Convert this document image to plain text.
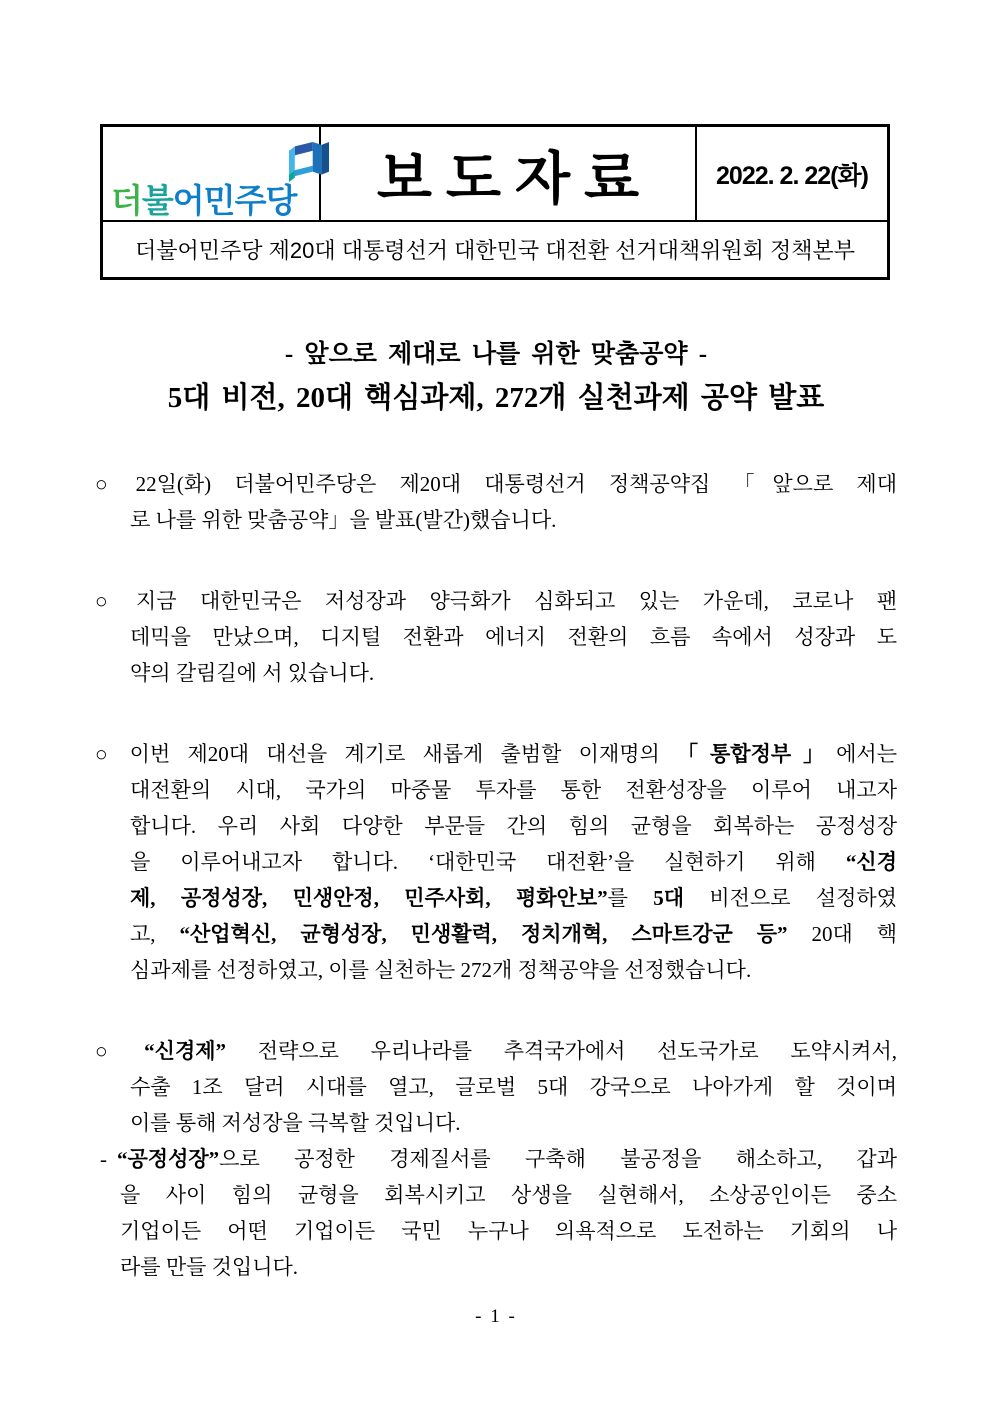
더불어민주당 보도자료	2022. 2. 22(화)
더불어민주당 제20대 대통령선거 대한민국 대전환 선거대책위원회 정책본부
- 앞으로 제대로 나를 위한 맞춤공약 -
5대 비전, 20대 핵심과제, 272개 실천과제 공약 발표
○ 22일(화) 더불어민주당은 제20대 대통령선거 정책공약집 「앞으로 제대
로 나를 위한 맞춤공약」을 발표(발간)했습니다.
○ 지금 대한민국은 저성장과 양극화가 심화되고 있는 가운데, 코로나 팬
데믹을 만났으며, 디지털 전환과 에너지 전환의 흐름 속에서 성장과 도
약의 갈림길에 서 있습니다.
○ 이번 제20대 대선을 계기로 새롭게 출범할 이재명의 「통합정부」에서는
대전환의 시대, 국가의 마중물 투자를 통한 전환성장을 이루어 내고자
합니다. 우리 사회 다양한 부문들 간의 힘의 균형을 회복하는 공정성장
을 이루어내고자 합니다. ‘대한민국 대전환’을 실현하기 위해 “신경
제, 공정성장, 민생안정, 민주사회, 평화안보”를 5대 비전으로 설정하였
고, “산업혁신, 균형성장, 민생활력, 정치개혁, 스마트강군 등” 20대 핵
심과제를 선정하였고, 이를 실천하는 272개 정책공약을 선정했습니다.
○ “신경제” 전략으로 우리나라를 추격국가에서 선도국가로 도약시켜서,
수출 1조 달러 시대를 열고, 글로벌 5대 강국으로 나아가게 할 것이며
이를 통해 저성장을 극복할 것입니다.
- “공정성장”으로 공정한 경제질서를 구축해 불공정을 해소하고, 갑과
을 사이 힘의 균형을 회복시키고 상생을 실현해서, 소상공인이든 중소
기업이든 어떤 기업이든 국민 누구나 의욕적으로 도전하는 기회의 나
라를 만들 것입니다.
- 1 -
